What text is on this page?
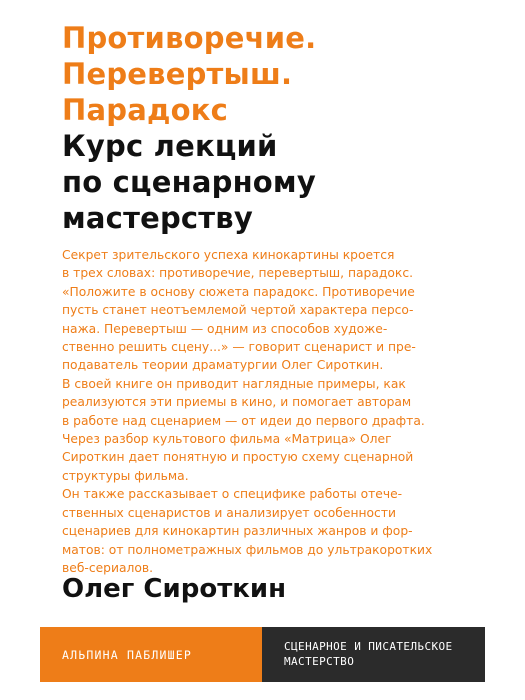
Противоречие.
Перевертыш.
Парадокс
Курс лекций
по сценарному
мастерству
Секрет зрительского успеха кинокартины кроется
в трех словах: противоречие, перевертыш, парадокс.
«Положите в основу сюжета парадокс. Противоречие
пусть станет неотъемлемой чертой характера персо-
нажа. Перевертыш — одним из способов художе-
ственно решить сцену...» — говорит сценарист и пре-
подаватель теории драматургии Олег Сироткин.
В своей книге он приводит наглядные примеры, как
реализуются эти приемы в кино, и помогает авторам
в работе над сценарием — от идеи до первого драфта.
Через разбор культового фильма «Матрица» Олег
Сироткин дает понятную и простую схему сценарной
структуры фильма.
Он также рассказывает о специфике работы отече-
ственных сценаристов и анализирует особенности
сценариев для кинокартин различных жанров и фор-
матов: от полнометражных фильмов до ультракоротких
веб-сериалов.
Олег Сироткин
АЛЬПИНА ПАБЛИШЕР
СЦЕНАРНОЕ И ПИСАТЕЛЬСКОЕ
МАСТЕРСТВО
